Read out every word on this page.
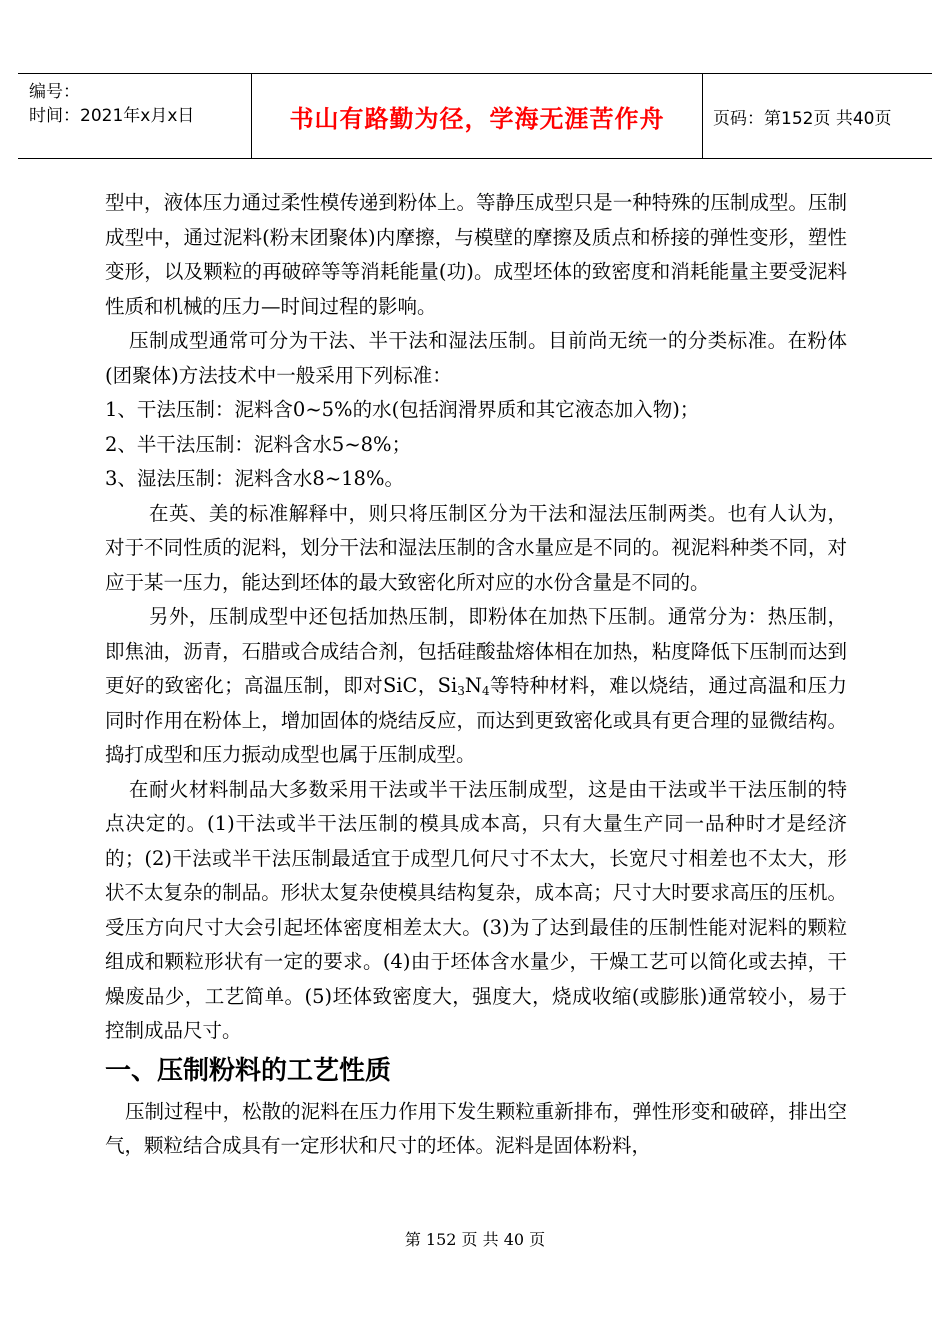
编号：
时间：2021年x月x日	书山有路勤为径，学海无涯苦作舟	页码：第152页 共40页

型中，液体压力通过柔性模传递到粉体上。等静压成型只是一种特殊的压制成型。压制成型中，通过泥料(粉末团聚体)内摩擦，与模壁的摩擦及质点和桥接的弹性变形，塑性变形，以及颗粒的再破碎等等消耗能量(功)。成型坯体的致密度和消耗能量主要受泥料性质和机械的压力—时间过程的影响。

压制成型通常可分为干法、半干法和湿法压制。目前尚无统一的分类标准。在粉体(团聚体)方法技术中一般采用下列标准：

1、干法压制：泥料含0~5%的水(包括润滑界质和其它液态加入物)；

2、半干法压制：泥料含水5~8%；

3、湿法压制：泥料含水8~18%。

在英、美的标准解释中，则只将压制区分为干法和湿法压制两类。也有人认为，对于不同性质的泥料，划分干法和湿法压制的含水量应是不同的。视泥料种类不同，对应于某一压力，能达到坯体的最大致密化所对应的水份含量是不同的。

另外，压制成型中还包括加热压制，即粉体在加热下压制。通常分为：热压制，即焦油，沥青，石腊或合成结合剂，包括硅酸盐熔体相在加热，粘度降低下压制而达到更好的致密化；高温压制，即对SiC，$Si_3N_4$等特种材料，难以烧结，通过高温和压力同时作用在粉体上，增加固体的烧结反应，而达到更致密化或具有更合理的显微结构。捣打成型和压力振动成型也属于压制成型。

在耐火材料制品大多数采用干法或半干法压制成型，这是由干法或半干法压制的特点决定的。(1)干法或半干法压制的模具成本高，只有大量生产同一品种时才是经济的；(2)干法或半干法压制最适宜于成型几何尺寸不太大，长宽尺寸相差也不太大，形状不太复杂的制品。形状太复杂使模具结构复杂，成本高；尺寸大时要求高压的压机。受压方向尺寸大会引起坯体密度相差太大。(3)为了达到最佳的压制性能对泥料的颗粒组成和颗粒形状有一定的要求。(4)由于坯体含水量少，干燥工艺可以简化或去掉，干燥废品少，工艺简单。(5)坯体致密度大，强度大，烧成收缩(或膨胀)通常较小，易于控制成品尺寸。

一、压制粉料的工艺性质

压制过程中，松散的泥料在压力作用下发生颗粒重新排布，弹性形变和破碎，排出空气，颗粒结合成具有一定形状和尺寸的坯体。泥料是固体粉料，

第 152 页 共 40 页
